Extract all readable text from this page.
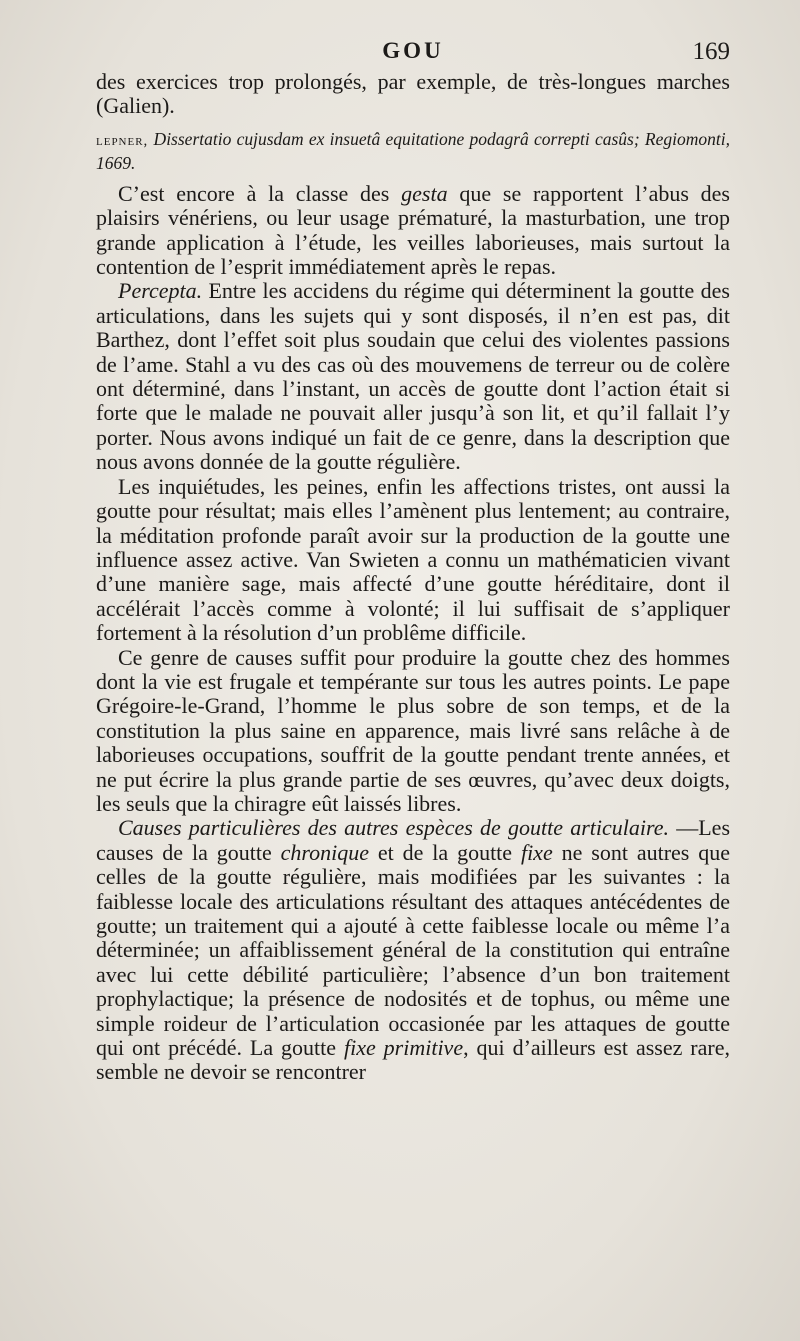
GOU	169

des exercices trop prolongés, par exemple, de très-longues marches (Galien).

lepner, Dissertatio cujusdam ex insuetâ equitatione podagrâ correpti casûs; Regiomonti, 1669.

C’est encore à la classe des gesta que se rapportent l’abus des plaisirs vénériens, ou leur usage prématuré, la masturbation, une trop grande application à l’étude, les veilles laborieuses, mais surtout la contention de l’esprit immédiatement après le repas.

Percepta. Entre les accidens du régime qui déterminent la goutte des articulations, dans les sujets qui y sont disposés, il n’en est pas, dit Barthez, dont l’effet soit plus soudain que celui des violentes passions de l’ame. Stahl a vu des cas où des mouvemens de terreur ou de colère ont déterminé, dans l’instant, un accès de goutte dont l’action était si forte que le malade ne pouvait aller jusqu’à son lit, et qu’il fallait l’y porter. Nous avons indiqué un fait de ce genre, dans la description que nous avons donnée de la goutte régulière.

Les inquiétudes, les peines, enfin les affections tristes, ont aussi la goutte pour résultat; mais elles l’amènent plus lentement; au contraire, la méditation profonde paraît avoir sur la production de la goutte une influence assez active. Van Swieten a connu un mathématicien vivant d’une manière sage, mais affecté d’une goutte héréditaire, dont il accélérait l’accès comme à volonté; il lui suffisait de s’appliquer fortement à la résolution d’un problême difficile.

Ce genre de causes suffit pour produire la goutte chez des hommes dont la vie est frugale et tempérante sur tous les autres points. Le pape Grégoire-le-Grand, l’homme le plus sobre de son temps, et de la constitution la plus saine en apparence, mais livré sans relâche à de laborieuses occupations, souffrit de la goutte pendant trente années, et ne put écrire la plus grande partie de ses œuvres, qu’avec deux doigts, les seuls que la chiragre eût laissés libres.

Causes particulières des autres espèces de goutte articulaire. —Les causes de la goutte chronique et de la goutte fixe ne sont autres que celles de la goutte régulière, mais modifiées par les suivantes : la faiblesse locale des articulations résultant des attaques antécédentes de goutte; un traitement qui a ajouté à cette faiblesse locale ou même l’a déterminée; un affaiblissement général de la constitution qui entraîne avec lui cette débilité particulière; l’absence d’un bon traitement prophylactique; la présence de nodosités et de tophus, ou même une simple roideur de l’articulation occasionée par les attaques de goutte qui ont précédé. La goutte fixe primitive, qui d’ailleurs est assez rare, semble ne devoir se rencontrer
